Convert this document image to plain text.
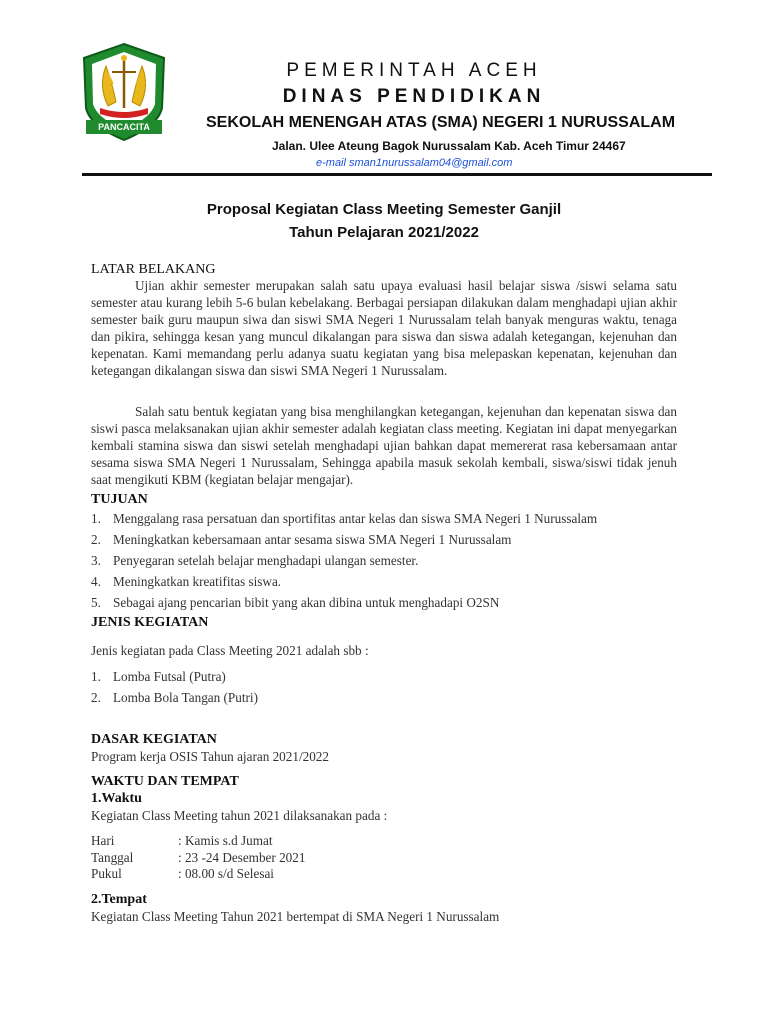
PANCACITA
PEMERINTAH ACEH
DINAS PENDIDIKAN
SEKOLAH MENENGAH ATAS (SMA) NEGERI 1 NURUSSALAM
Jalan. Ulee Ateung Bagok Nurussalam Kab. Aceh Timur 24467
e-mail sman1nurussalam04@gmail.com
Proposal Kegiatan Class Meeting Semester Ganjil
Tahun Pelajaran 2021/2022
LATAR BELAKANG
Ujian akhir semester merupakan salah satu upaya evaluasi hasil belajar siswa /siswi selama satu semester atau kurang lebih 5-6 bulan kebelakang. Berbagai persiapan dilakukan dalam menghadapi ujian akhir semester baik guru maupun siwa dan siswi SMA Negeri 1 Nurussalam telah banyak menguras waktu, tenaga dan pikira, sehingga kesan yang muncul dikalangan para siswa dan siswa adalah ketegangan, kejenuhan dan kepenatan. Kami memandang perlu adanya suatu kegiatan yang bisa melepaskan kepenatan, kejenuhan dan ketegangan dikalangan siswa dan siswi SMA Negeri 1 Nurussalam.
Salah satu bentuk kegiatan yang bisa menghilangkan ketegangan, kejenuhan dan kepenatan siswa dan siswi pasca melaksanakan ujian akhir semester adalah kegiatan class meeting. Kegiatan ini dapat menyegarkan kembali stamina siswa dan siswi setelah menghadapi ujian bahkan dapat memererat rasa kebersamaan antar sesama siswa SMA Negeri 1 Nurussalam, Sehingga apabila masuk sekolah kembali, siswa/siswi tidak jenuh saat mengikuti KBM (kegiatan belajar mengajar).
TUJUAN
1. Menggalang rasa persatuan dan sportifitas antar kelas dan siswa SMA Negeri 1 Nurussalam
2. Meningkatkan kebersamaan antar sesama siswa SMA Negeri 1 Nurussalam
3. Penyegaran setelah belajar menghadapi ulangan semester.
4. Meningkatkan kreatifitas siswa.
5. Sebagai ajang pencarian bibit yang akan dibina untuk menghadapi O2SN
JENIS KEGIATAN
Jenis kegiatan pada Class Meeting 2021 adalah sbb :
1. Lomba Futsal (Putra)
2. Lomba Bola Tangan (Putri)
DASAR KEGIATAN
Program kerja OSIS Tahun ajaran 2021/2022
WAKTU DAN TEMPAT
1.Waktu
Kegiatan Class Meeting tahun 2021 dilaksanakan pada :
Hari	: Kamis s.d Jumat
Tanggal	: 23 -24 Desember 2021
Pukul	: 08.00 s/d Selesai
2.Tempat
Kegiatan Class Meeting Tahun 2021 bertempat di SMA Negeri 1 Nurussalam
